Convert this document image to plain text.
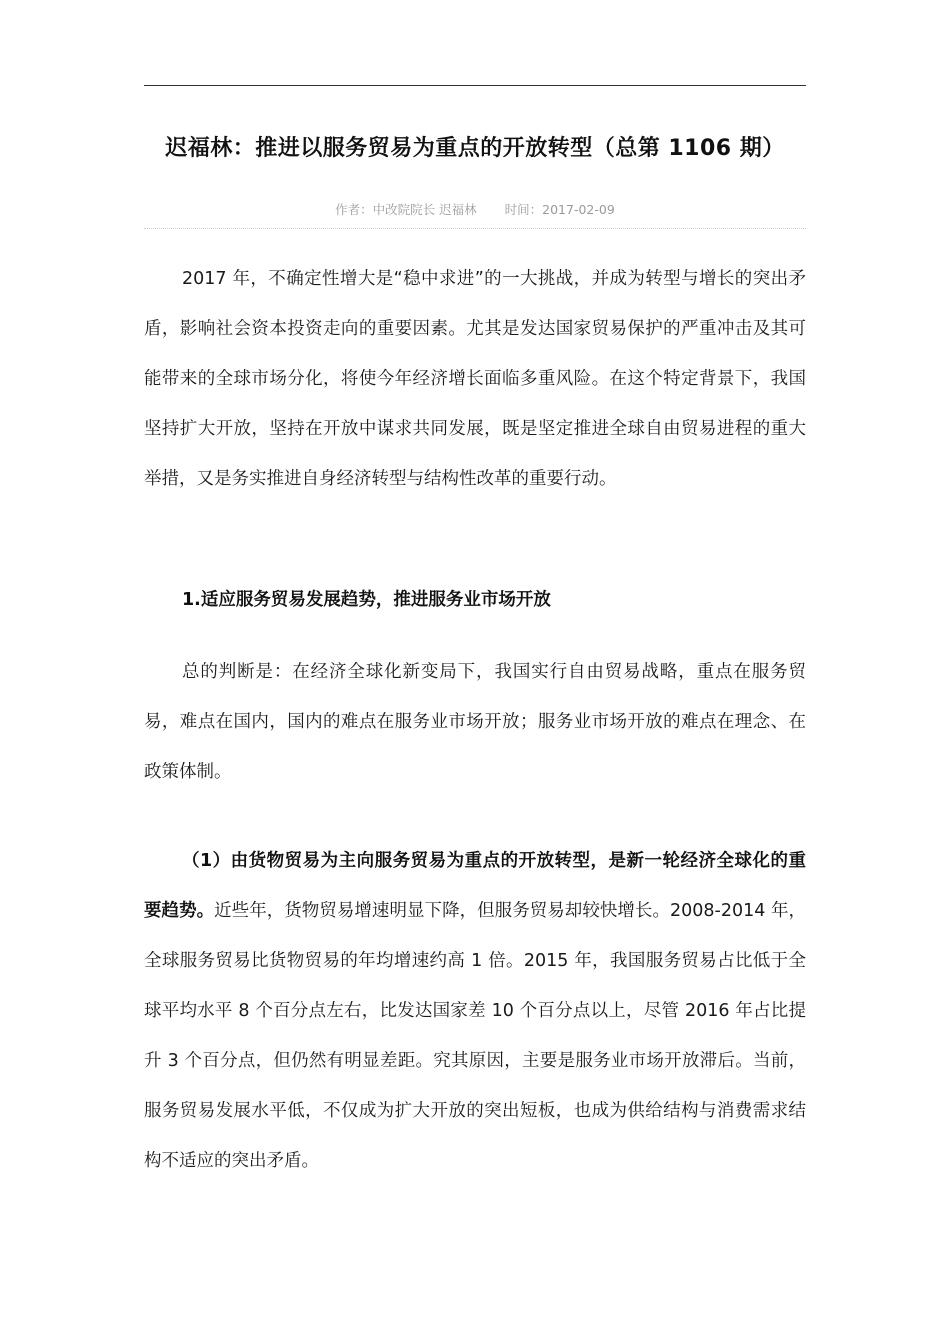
迟福林：推进以服务贸易为重点的开放转型（总第 1106 期）
作者：中改院院长 迟福林 时间：2017-02-09
2017 年，不确定性增大是“稳中求进”的一大挑战，并成为转型与增长的突出矛盾，影响社会资本投资走向的重要因素。尤其是发达国家贸易保护的严重冲击及其可能带来的全球市场分化，将使今年经济增长面临多重风险。在这个特定背景下，我国坚持扩大开放，坚持在开放中谋求共同发展，既是坚定推进全球自由贸易进程的重大举措，又是务实推进自身经济转型与结构性改革的重要行动。
1.适应服务贸易发展趋势，推进服务业市场开放
总的判断是：在经济全球化新变局下，我国实行自由贸易战略，重点在服务贸易，难点在国内，国内的难点在服务业市场开放；服务业市场开放的难点在理念、在政策体制。
（1）由货物贸易为主向服务贸易为重点的开放转型，是新一轮经济全球化的重要趋势。近些年，货物贸易增速明显下降，但服务贸易却较快增长。2008-2014 年，全球服务贸易比货物贸易的年均增速约高 1 倍。2015 年，我国服务贸易占比低于全球平均水平 8 个百分点左右，比发达国家差 10 个百分点以上，尽管 2016 年占比提升 3 个百分点，但仍然有明显差距。究其原因，主要是服务业市场开放滞后。当前，服务贸易发展水平低，不仅成为扩大开放的突出短板，也成为供给结构与消费需求结构不适应的突出矛盾。
